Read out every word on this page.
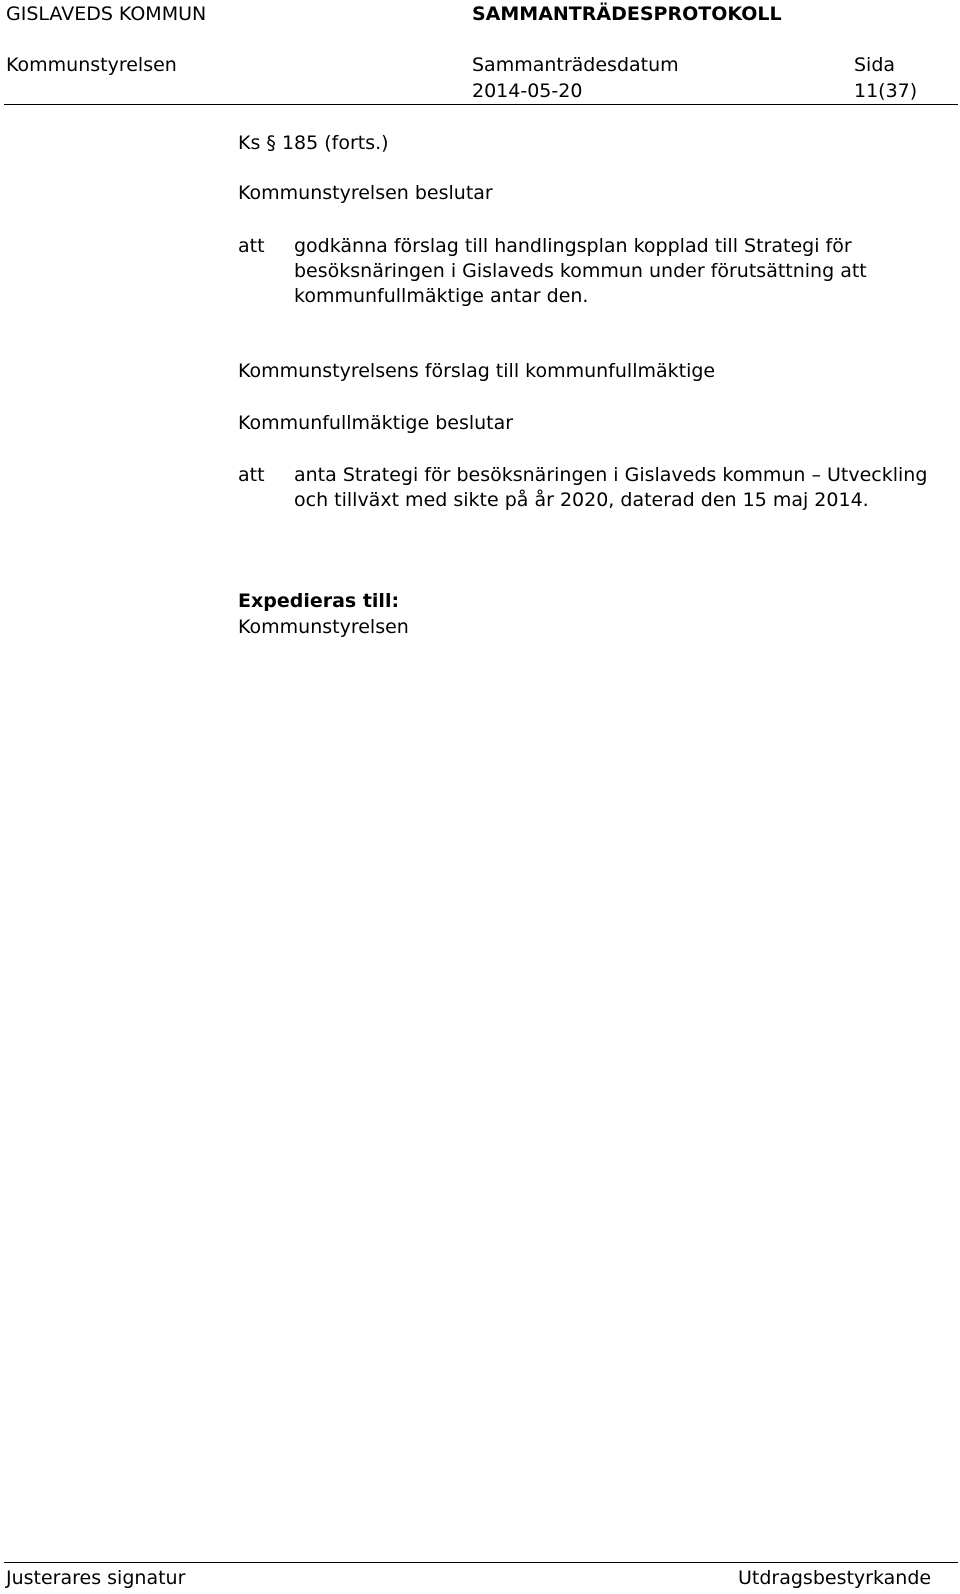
GISLAVEDS KOMMUN	SAMMANTRÄDESPROTOKOLL
Kommunstyrelsen	Sammanträdesdatum	Sida
2014-05-20	11(37)
Ks § 185 (forts.)
Kommunstyrelsen beslutar
att godkänna förslag till handlingsplan kopplad till Strategi för besöksnäringen i Gislaveds kommun under förutsättning att kommunfullmäktige antar den.
Kommunstyrelsens förslag till kommunfullmäktige
Kommunfullmäktige beslutar
att anta Strategi för besöksnäringen i Gislaveds kommun – Utveckling och tillväxt med sikte på år 2020, daterad den 15 maj 2014.
Expedieras till:
Kommunstyrelsen
Justerares signatur	Utdragsbestyrkande
